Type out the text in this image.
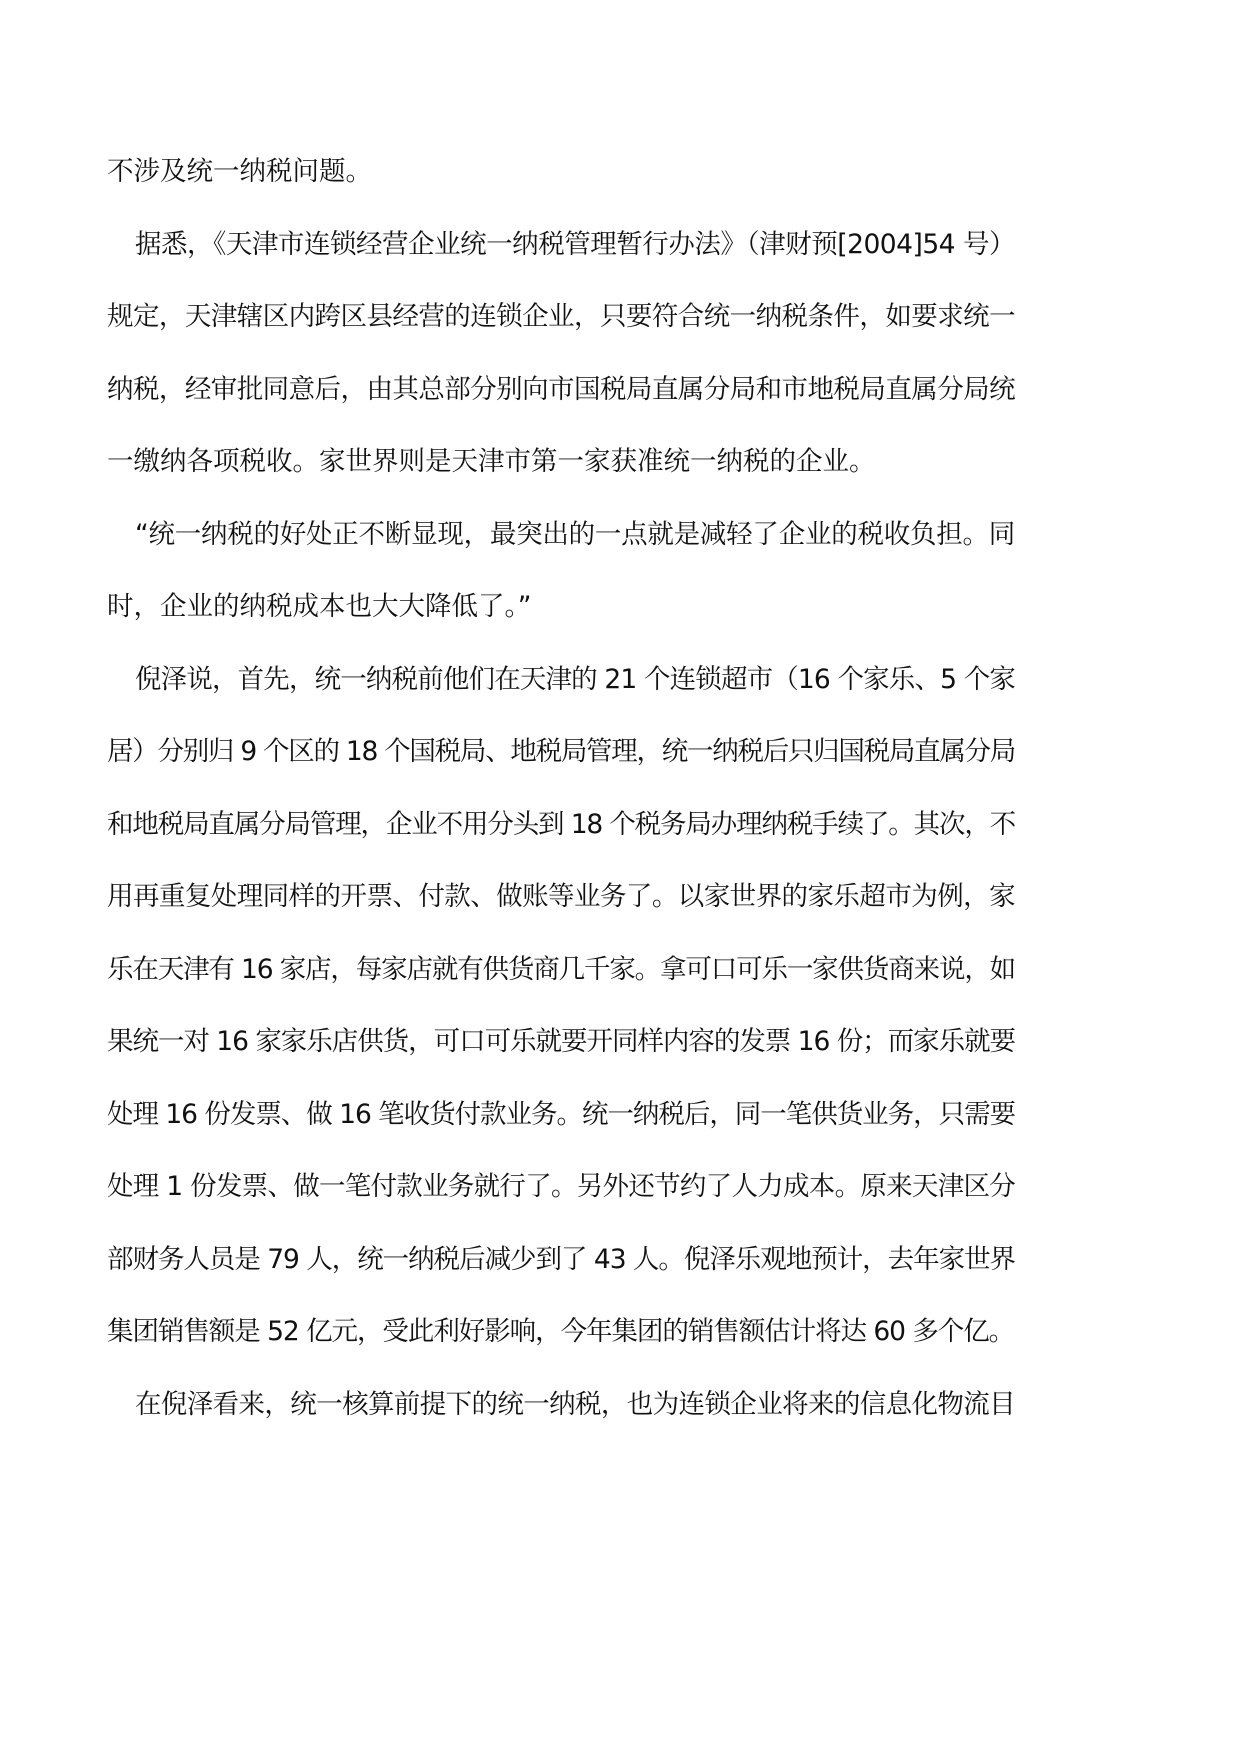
不涉及统一纳税问题。
据悉，《天津市连锁经营企业统一纳税管理暂行办法》（津财预[2004]54 号）
规定，天津辖区内跨区县经营的连锁企业，只要符合统一纳税条件，如要求统一
纳税，经审批同意后，由其总部分别向市国税局直属分局和市地税局直属分局统
一缴纳各项税收。家世界则是天津市第一家获准统一纳税的企业。
“统一纳税的好处正不断显现，最突出的一点就是减轻了企业的税收负担。同
时，企业的纳税成本也大大降低了。”
倪泽说，首先，统一纳税前他们在天津的 21 个连锁超市（16 个家乐、5 个家
居）分别归 9 个区的 18 个国税局、地税局管理，统一纳税后只归国税局直属分局
和地税局直属分局管理，企业不用分头到 18 个税务局办理纳税手续了。其次，不
用再重复处理同样的开票、付款、做账等业务了。以家世界的家乐超市为例，家
乐在天津有 16 家店，每家店就有供货商几千家。拿可口可乐一家供货商来说，如
果统一对 16 家家乐店供货，可口可乐就要开同样内容的发票 16 份；而家乐就要
处理 16 份发票、做 16 笔收货付款业务。统一纳税后，同一笔供货业务，只需要
处理 1 份发票、做一笔付款业务就行了。另外还节约了人力成本。原来天津区分
部财务人员是 79 人，统一纳税后减少到了 43 人。倪泽乐观地预计，去年家世界
集团销售额是 52 亿元，受此利好影响，今年集团的销售额估计将达 60 多个亿。
在倪泽看来，统一核算前提下的统一纳税，也为连锁企业将来的信息化物流目
